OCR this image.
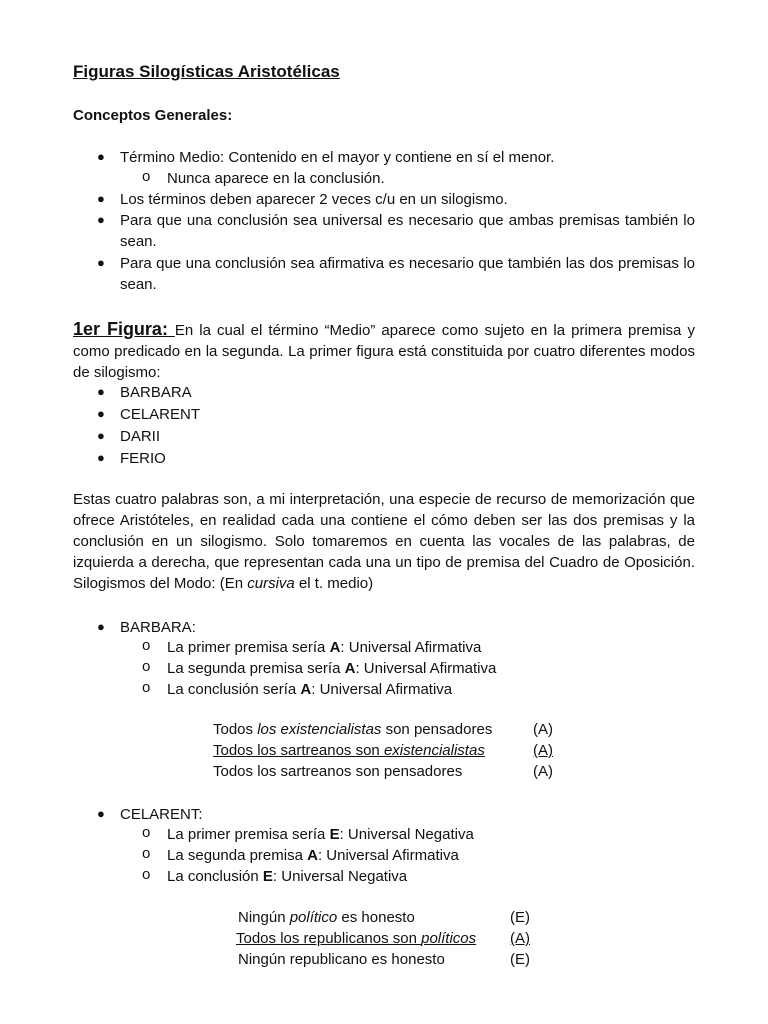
Figuras Silogísticas Aristotélicas
Conceptos Generales:
● Término Medio: Contenido en el mayor y contiene en sí el menor.
o Nunca aparece en la conclusión.
● Los términos deben aparecer 2 veces c/u en un silogismo.
● Para que una conclusión sea universal es necesario que ambas premisas también lo sean.
● Para que una conclusión sea afirmativa es necesario que también las dos premisas lo sean.
1er Figura: En la cual el término “Medio” aparece como sujeto en la primera premisa y como predicado en la segunda. La primer figura está constituida por cuatro diferentes modos de silogismo:
● BARBARA
● CELARENT
● DARII
● FERIO
Estas cuatro palabras son, a mi interpretación, una especie de recurso de memorización que ofrece Aristóteles, en realidad cada una contiene el cómo deben ser las dos premisas y la conclusión en un silogismo. Solo tomaremos en cuenta las vocales de las palabras, de izquierda a derecha, que representan cada una un tipo de premisa del Cuadro de Oposición. Silogismos del Modo: (En cursiva el t. medio)
● BARBARA:
o La primer premisa sería A: Universal Afirmativa
o La segunda premisa sería A: Universal Afirmativa
o La conclusión sería A: Universal Afirmativa
Todos los existencialistas son pensadores	(A)
Todos los sartreanos son existencialistas	(A)
Todos los sartreanos son pensadores	(A)
● CELARENT:
o La primer premisa sería E: Universal Negativa
o La segunda premisa A: Universal Afirmativa
o La conclusión E: Universal Negativa
Ningún político es honesto	(E)
Todos los republicanos son políticos (A)
Ningún republicano es honesto	(E)
